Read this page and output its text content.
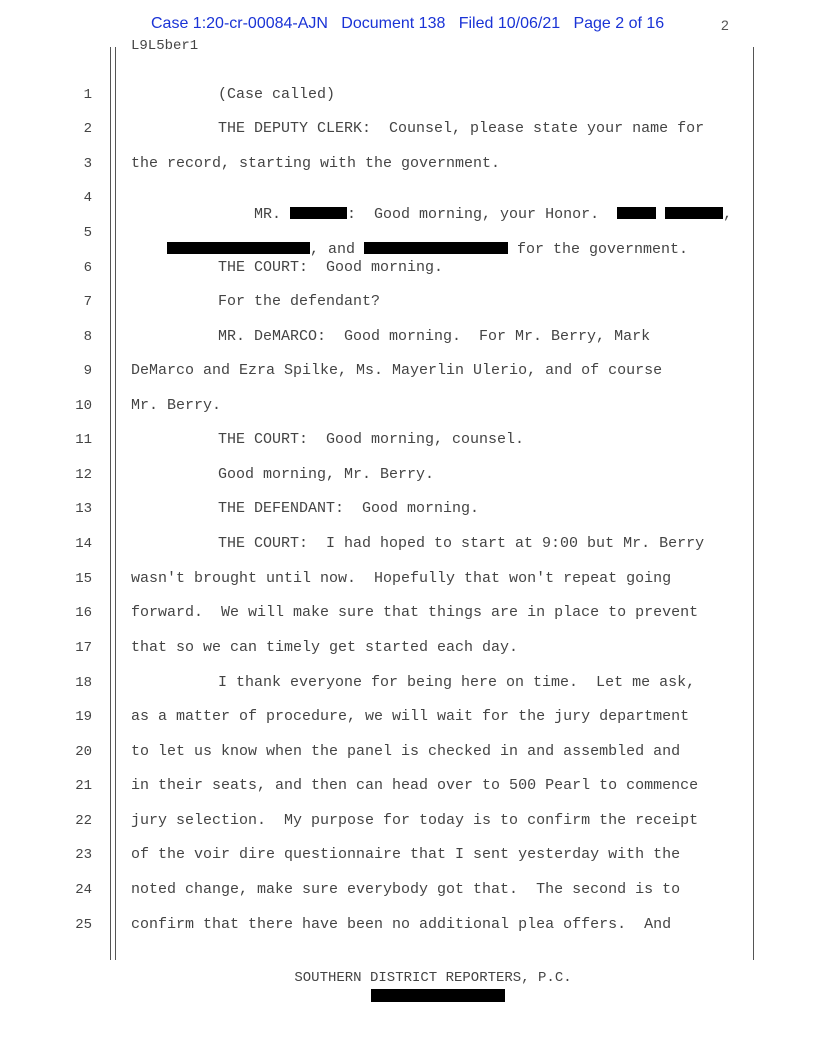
Case 1:20-cr-00084-AJN   Document 138   Filed 10/06/21   Page 2 of 16	2
L9L5ber1
1
2
3
4
5
6
7
8
9
10
11
12
13
14
15
16
17
18
19
20
21
22
23
24
25
(Case called)
THE DEPUTY CLERK:  Counsel, please state your name for
the record, starting with the government.

MR.	:  Good morning, your Honor.	,

, and	for the government.

THE COURT:  Good morning.
For the defendant?
MR. DeMARCO:  Good morning.  For Mr. Berry, Mark
DeMarco and Ezra Spilke, Ms. Mayerlin Ulerio, and of course
Mr. Berry.
THE COURT:  Good morning, counsel.
Good morning, Mr. Berry.
THE DEFENDANT:  Good morning.
THE COURT:  I had hoped to start at 9:00 but Mr. Berry
wasn't brought until now.  Hopefully that won't repeat going
forward.  We will make sure that things are in place to prevent
that so we can timely get started each day.
I thank everyone for being here on time.  Let me ask,
as a matter of procedure, we will wait for the jury department
to let us know when the panel is checked in and assembled and
in their seats, and then can head over to 500 Pearl to commence
jury selection.  My purpose for today is to confirm the receipt
of the voir dire questionnaire that I sent yesterday with the
noted change, make sure everybody got that.  The second is to
confirm that there have been no additional plea offers.  And
SOUTHERN DISTRICT REPORTERS, P.C.
